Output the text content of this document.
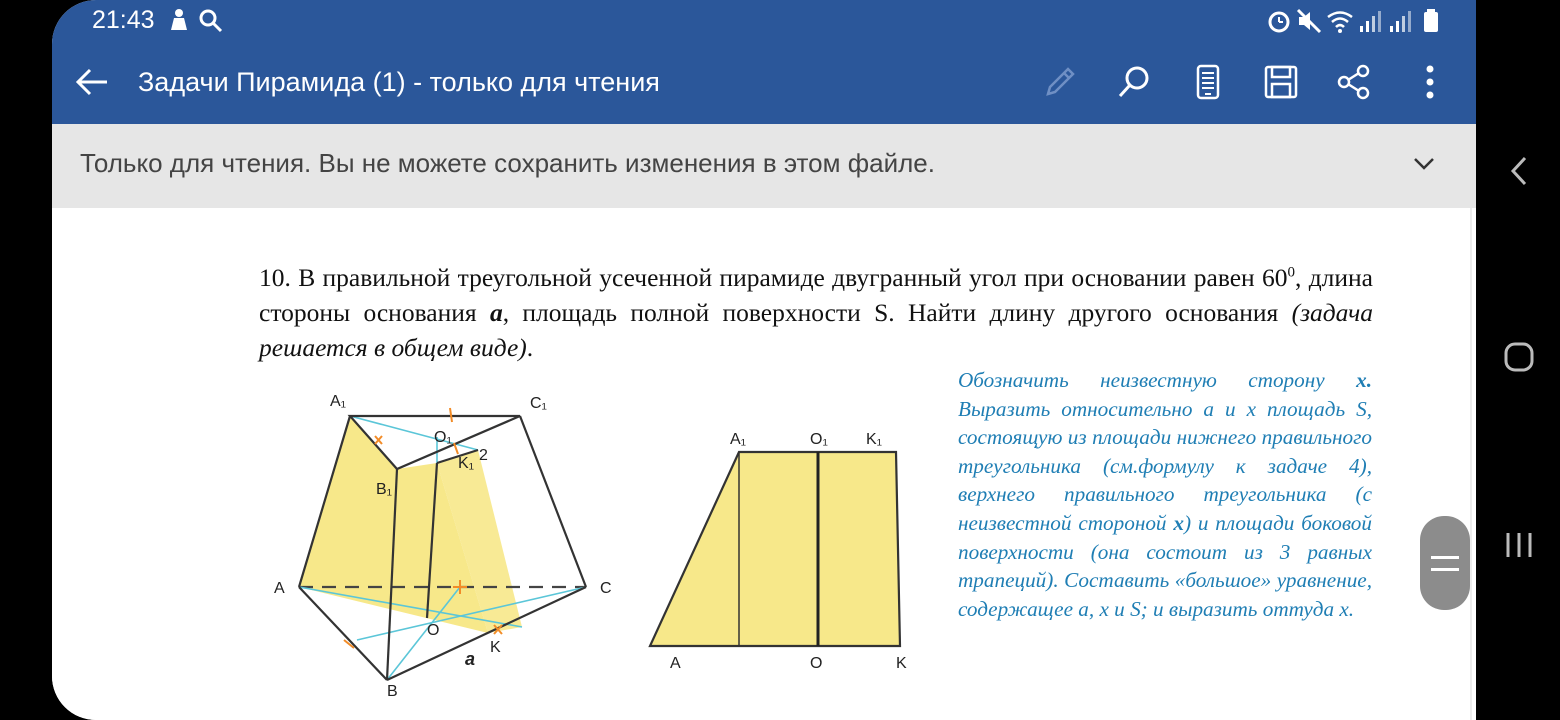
21:43
Задачи Пирамида (1) - только для чтения
Только для чтения. Вы не можете сохранить изменения в этом файле.
10. В правильной треугольной усеченной пирамиде двугранный угол при основании равен $60^0$, длина стороны основания a, площадь полной поверхности S. Найти длину другого основания (задача решается в общем виде).
A₁	C₁
O₁
K₁ 2
B₁
A	C
O
K
a
B
A₁	O₁ K₁
A	O	K
Обозначить неизвестную сторону x. Выразить относительно а и х площадь S, состоящую из площади нижнего правильного треугольника (см.формулу к задаче 4), верхнего правильного треугольника (с неизвестной стороной x) и площади боковой поверхности (она состоит из 3 равных трапеций). Составить «большое» уравнение, содержащее а, х и S; и выразить оттуда х.
